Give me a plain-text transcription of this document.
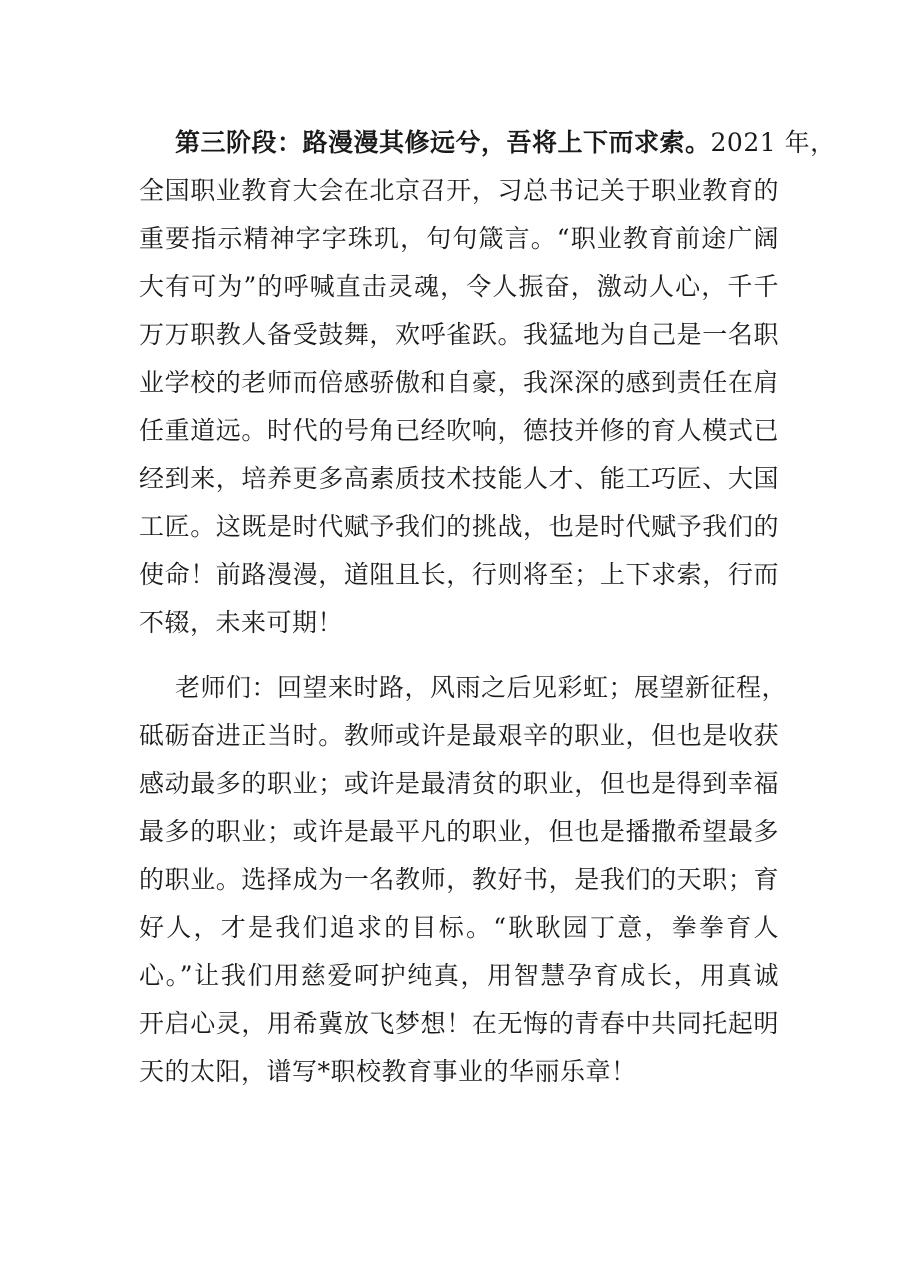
第三阶段：路漫漫其修远兮，吾将上下而求索。2021 年，
全国职业教育大会在北京召开，习总书记关于职业教育的
重要指示精神字字珠玑，句句箴言。“职业教育前途广阔
大有可为”的呼喊直击灵魂，令人振奋，激动人心，千千
万万职教人备受鼓舞，欢呼雀跃。我猛地为自己是一名职
业学校的老师而倍感骄傲和自豪，我深深的感到责任在肩
任重道远。时代的号角已经吹响，德技并修的育人模式已
经到来，培养更多高素质技术技能人才、能工巧匠、大国
工匠。这既是时代赋予我们的挑战，也是时代赋予我们的
使命！前路漫漫，道阻且长，行则将至；上下求索，行而
不辍，未来可期！
老师们：回望来时路，风雨之后见彩虹；展望新征程，
砥砺奋进正当时。教师或许是最艰辛的职业，但也是收获
感动最多的职业；或许是最清贫的职业，但也是得到幸福
最多的职业；或许是最平凡的职业，但也是播撒希望最多
的职业。选择成为一名教师，教好书，是我们的天职；育
好人，才是我们追求的目标。“耿耿园丁意，拳拳育人
心。”让我们用慈爱呵护纯真，用智慧孕育成长，用真诚
开启心灵，用希冀放飞梦想！在无悔的青春中共同托起明
天的太阳，谱写*职校教育事业的华丽乐章！
